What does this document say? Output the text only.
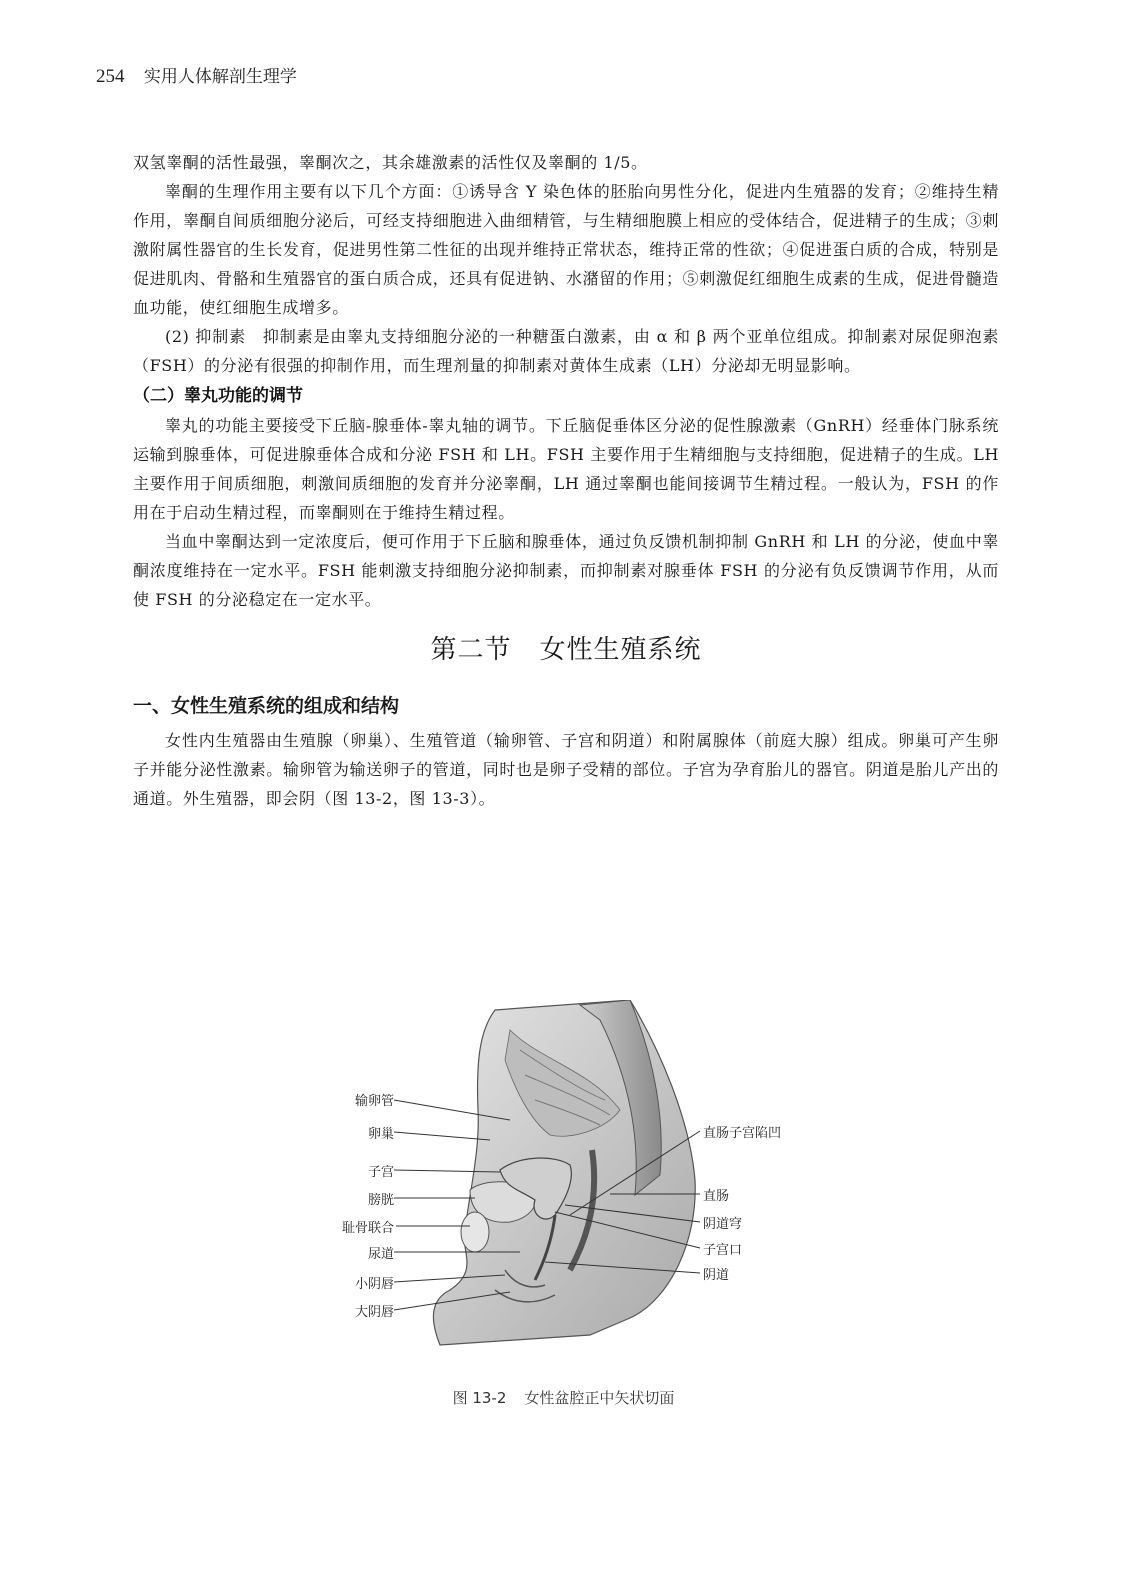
254 实用人体解剖生理学

双氢睾酮的活性最强，睾酮次之，其余雄激素的活性仅及睾酮的 1/5。

睾酮的生理作用主要有以下几个方面：①诱导含 Y 染色体的胚胎向男性分化，促进内生殖器的发育；②维持生精作用，睾酮自间质细胞分泌后，可经支持细胞进入曲细精管，与生精细胞膜上相应的受体结合，促进精子的生成；③刺激附属性器官的生长发育，促进男性第二性征的出现并维持正常状态，维持正常的性欲；④促进蛋白质的合成，特别是促进肌肉、骨骼和生殖器官的蛋白质合成，还具有促进钠、水潴留的作用；⑤刺激促红细胞生成素的生成，促进骨髓造血功能，使红细胞生成增多。

(2) 抑制素　抑制素是由睾丸支持细胞分泌的一种糖蛋白激素，由 α 和 β 两个亚单位组成。抑制素对尿促卵泡素（FSH）的分泌有很强的抑制作用，而生理剂量的抑制素对黄体生成素（LH）分泌却无明显影响。

（二）睾丸功能的调节

睾丸的功能主要接受下丘脑-腺垂体-睾丸轴的调节。下丘脑促垂体区分泌的促性腺激素（GnRH）经垂体门脉系统运输到腺垂体，可促进腺垂体合成和分泌 FSH 和 LH。FSH 主要作用于生精细胞与支持细胞，促进精子的生成。LH 主要作用于间质细胞，刺激间质细胞的发育并分泌睾酮，LH 通过睾酮也能间接调节生精过程。一般认为，FSH 的作用在于启动生精过程，而睾酮则在于维持生精过程。

当血中睾酮达到一定浓度后，便可作用于下丘脑和腺垂体，通过负反馈机制抑制 GnRH 和 LH 的分泌，使血中睾酮浓度维持在一定水平。FSH 能刺激支持细胞分泌抑制素，而抑制素对腺垂体 FSH 的分泌有负反馈调节作用，从而使 FSH 的分泌稳定在一定水平。

第二节 女性生殖系统
一、女性生殖系统的组成和结构

女性内生殖器由生殖腺（卵巢）、生殖管道（输卵管、子宫和阴道）和附属腺体（前庭大腺）组成。卵巢可产生卵子并能分泌性激素。输卵管为输送卵子的管道，同时也是卵子受精的部位。子宫为孕育胎儿的器官。阴道是胎儿产出的通道。外生殖器，即会阴（图 13-2，图 13-3）。

输卵管
卵巢
子宫
膀胱
耻骨联合
尿道
小阴唇
大阴唇
直肠子宫陷凹
直肠
阴道穹
子宫口
阴道
图 13-2 女性盆腔正中矢状切面
